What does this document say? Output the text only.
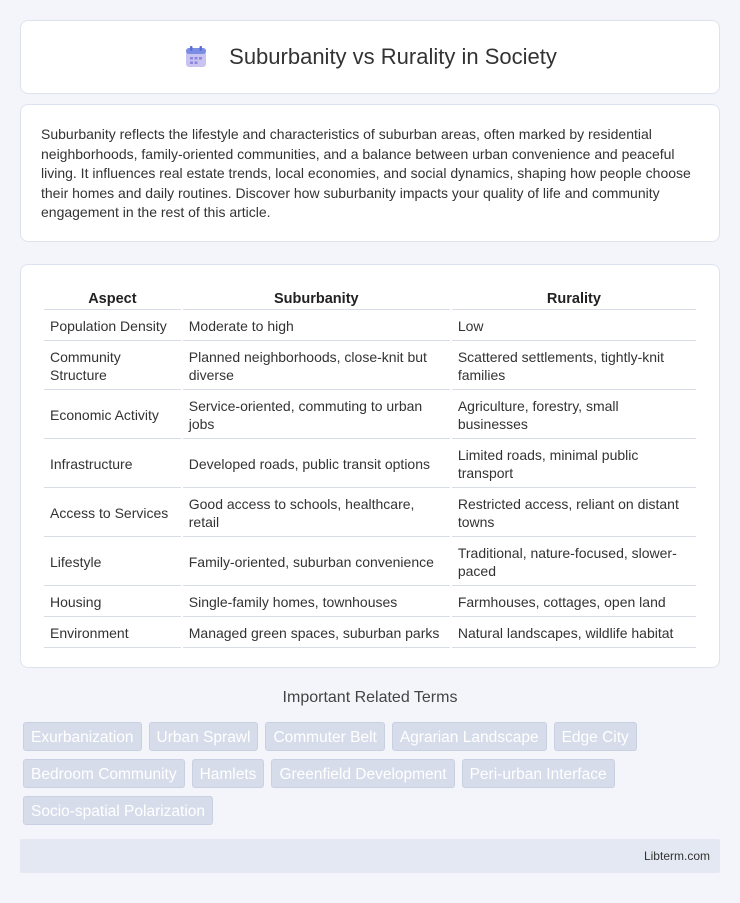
Suburbanity vs Rurality in Society

Suburbanity reflects the lifestyle and characteristics of suburban areas, often marked by residential neighborhoods, family-oriented communities, and a balance between urban convenience and peaceful living. It influences real estate trends, local economies, and social dynamics, shaping how people choose their homes and daily routines. Discover how suburbanity impacts your quality of life and community engagement in the rest of this article.

Aspect	Suburbanity	Rurality
Population Density	Moderate to high	Low
Community Structure	Planned neighborhoods, close-knit but diverse	Scattered settlements, tightly-knit families
Economic Activity	Service-oriented, commuting to urban jobs	Agriculture, forestry, small businesses
Infrastructure	Developed roads, public transit options	Limited roads, minimal public transport
Access to Services	Good access to schools, healthcare, retail	Restricted access, reliant on distant towns
Lifestyle	Family-oriented, suburban convenience	Traditional, nature-focused, slower-paced
Housing	Single-family homes, townhouses	Farmhouses, cottages, open land
Environment	Managed green spaces, suburban parks	Natural landscapes, wildlife habitat
Important Related Terms
Exurbanization	Urban Sprawl	Commuter Belt	Agrarian Landscape	Edge City
Bedroom Community	Hamlets	Greenfield Development	Peri-urban Interface
Socio-spatial Polarization
Libterm.com
